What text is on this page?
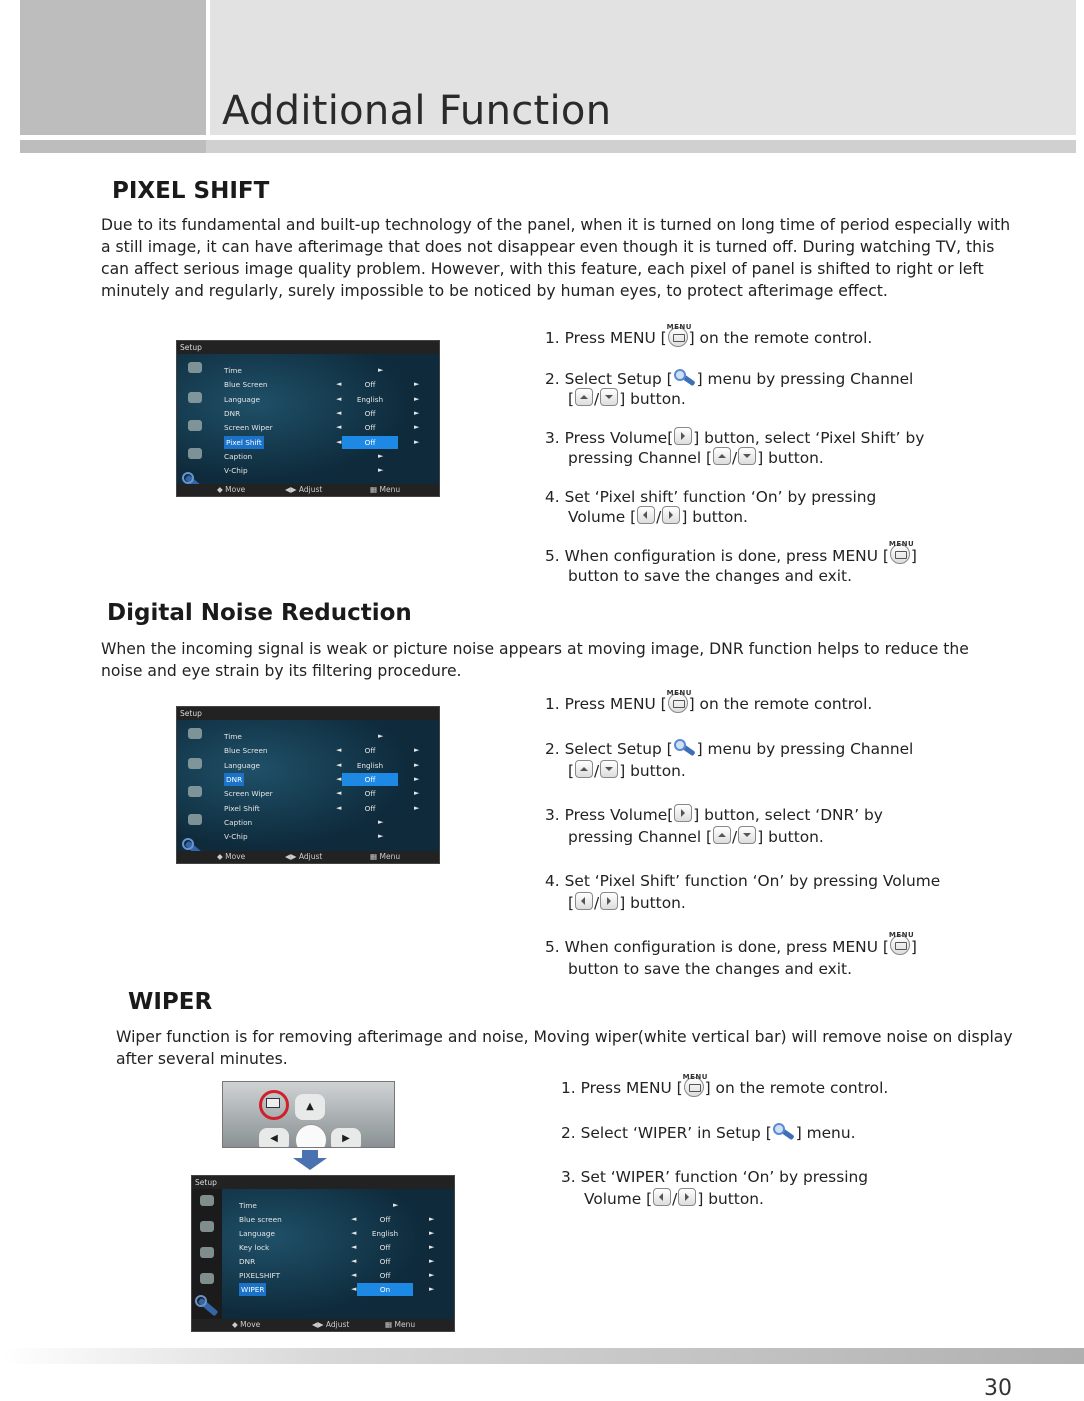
Additional Function
PIXEL SHIFT
Due to its fundamental and built-up technology of the panel, when it is turned on long time of period especially with a still image, it can have afterimage that does not disappear even though it is turned off. During watching TV, this can affect serious image quality problem. However, with this feature, each pixel of panel is shifted to right or left minutely and regularly, surely impossible to be noticed by human eyes, to protect afterimage effect.
Setup
Time	►
Blue Screen	◄	Off	►
Language	◄	English	►
DNR	◄	Off	►
Screen Wiper	◄	Off	►
Pixel Shift	◄	Off	►
Caption	►
V-Chip	►
◆ Move	◀▶ Adjust	▦ Menu
1. Press MENU [
MENU
] on the remote control.
2. Select Setup [ ] menu by pressing Channel
[ / ] button.
3. Press Volume[ ] button, select ‘Pixel Shift’ by
pressing Channel [ / ] button.
4. Set ‘Pixel shift’ function ‘On’ by pressing
Volume [ / ] button.
5. When configuration is done, press MENU [
MENU
]
button to save the changes and exit.
Digital Noise Reduction
When the incoming signal is weak or picture noise appears at moving image, DNR function helps to reduce the noise and eye strain by its filtering procedure.
Setup
Time	►
Blue Screen	◄	Off	►
Language	◄	English	►
DNR	◄	Off	►
Screen Wiper	◄	Off	►
Pixel Shift	◄	Off	►
Caption	►
V-Chip	►
◆ Move	◀▶ Adjust	▦ Menu
1. Press MENU [
MENU
] on the remote control.
2. Select Setup [ ] menu by pressing Channel
[ / ] button.
3. Press Volume[ ] button, select ‘DNR’ by
pressing Channel [ / ] button.
4. Set ‘Pixel Shift’ function ‘On’ by pressing Volume
[ / ] button.
5. When configuration is done, press MENU [
MENU
]
button to save the changes and exit.
WIPER
Wiper function is for removing afterimage and noise, Moving wiper(white vertical bar) will remove noise on display after several minutes.
▲
◀	▶
Setup
Time	►
Blue screen	◄	Off	►
Language	◄	English	►
Key lock	◄	Off	►
DNR	◄	Off	►
PIXELSHIFT	◄	Off	►
WIPER	◄	On	►
◆ Move	◀▶ Adjust	▦ Menu
1. Press MENU [
MENU
] on the remote control.
2. Select ‘WIPER’ in Setup [ ] menu.
3. Set ‘WIPER’ function ‘On’ by pressing
Volume [ / ] button.
30
